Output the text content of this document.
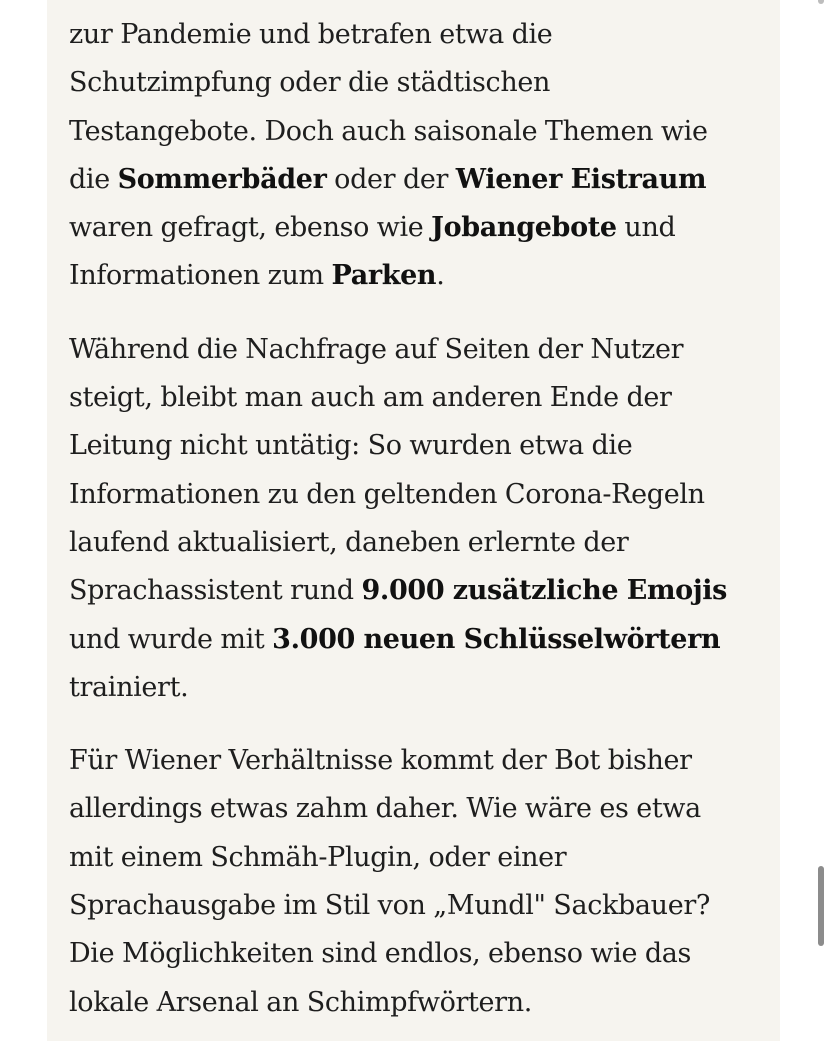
zur Pandemie und betrafen etwa die
Schutzimpfung oder die städtischen
Testangebote. Doch auch saisonale Themen wie
die Sommerbäder oder der Wiener Eistraum
waren gefragt, ebenso wie Jobangebote und
Informationen zum Parken.

Während die Nachfrage auf Seiten der Nutzer
steigt, bleibt man auch am anderen Ende der
Leitung nicht untätig: So wurden etwa die
Informationen zu den geltenden Corona-Regeln
laufend aktualisiert, daneben erlernte der
Sprachassistent rund 9.000 zusätzliche Emojis
und wurde mit 3.000 neuen Schlüsselwörtern
trainiert.

Für Wiener Verhältnisse kommt der Bot bisher
allerdings etwas zahm daher. Wie wäre es etwa
mit einem Schmäh-Plugin, oder einer
Sprachausgabe im Stil von „Mundl" Sackbauer?
Die Möglichkeiten sind endlos, ebenso wie das
lokale Arsenal an Schimpfwörtern.
